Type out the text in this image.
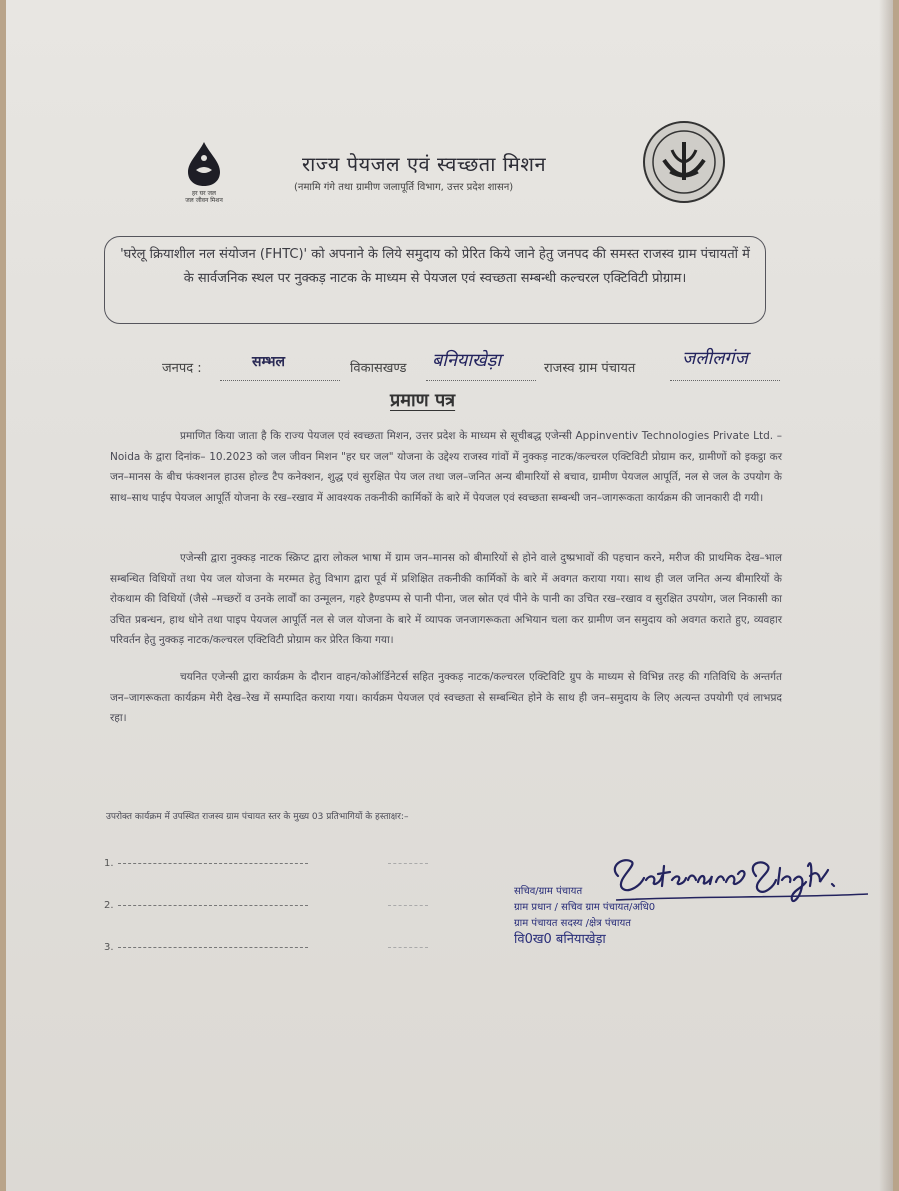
हर घर जल
जल जीवन मिशन
राज्य पेयजल एवं स्वच्छता मिशन
(नमामि गंगे तथा ग्रामीण जलापूर्ति विभाग, उत्तर प्रदेश शासन)
'घरेलू क्रियाशील नल संयोजन (FHTC)' को अपनाने के लिये समुदाय को प्रेरित किये जाने हेतु जनपद की समस्त राजस्व ग्राम पंचायतों में के सार्वजनिक स्थल पर नुक्कड़ नाटक के माध्यम से पेयजल एवं स्वच्छता सम्बन्धी कल्चरल एक्टिविटी प्रोग्राम।
जनपद :	सम्भल	विकासखण्ड बनियाखेड़ा	राजस्व ग्राम पंचायत	जलीलगंज
प्रमाण पत्र
प्रमाणित किया जाता है कि राज्य पेयजल एवं स्वच्छता मिशन, उत्तर प्रदेश के माध्यम से सूचीबद्ध एजेन्सी Appinventiv Technologies Private Ltd. – Noida के द्वारा दिनांक– 10.2023 को जल जीवन मिशन "हर घर जल" योजना के उद्देश्य राजस्व गांवों में नुक्कड़ नाटक/कल्चरल एक्टिविटी प्रोग्राम कर, ग्रामीणों को इकट्ठा कर जन–मानस के बीच फंक्शनल हाउस होल्ड टैप कनेक्शन, शुद्ध एवं सुरक्षित पेय जल तथा जल–जनित अन्य बीमारियों से बचाव, ग्रामीण पेयजल आपूर्ति, नल से जल के उपयोग के साथ–साथ पाईप पेयजल आपूर्ति योजना के रख–रखाव में आवश्यक तकनीकी कार्मिकों के बारे में पेयजल एवं स्वच्छता सम्बन्धी जन–जागरूकता कार्यक्रम की जानकारी दी गयी।
एजेन्सी द्वारा नुक्कड़ नाटक स्क्रिप्ट द्वारा लोकल भाषा में ग्राम जन–मानस को बीमारियों से होने वाले दुष्प्रभावों की पहचान करने, मरीज की प्राथमिक देख–भाल सम्बन्धित विधियों तथा पेय जल योजना के मरम्मत हेतु विभाग द्वारा पूर्व में प्रशिक्षित तकनीकी कार्मिकों के बारे में अवगत कराया गया। साथ ही जल जनित अन्य बीमारियों के रोकथाम की विधियों (जैसे –मच्छरों व उनके लार्वों का उन्मूलन, गहरे हैण्डपम्प से पानी पीना, जल स्रोत एवं पीने के पानी का उचित रख–रखाव व सुरक्षित उपयोग, जल निकासी का उचित प्रबन्धन, हाथ धोने तथा पाइप पेयजल आपूर्ति नल से जल योजना के बारे में व्यापक जनजागरूकता अभियान चला कर ग्रामीण जन समुदाय को अवगत कराते हुए, व्यवहार परिवर्तन हेतु नुक्कड़ नाटक/कल्चरल एक्टिविटी प्रोग्राम कर प्रेरित किया गया।
चयनित एजेन्सी द्वारा कार्यक्रम के दौरान वाहन/कोऑर्डिनेटर्स सहित नुक्कड़ नाटक/कल्चरल एक्टिविटि ग्रुप के माध्यम से विभिन्न तरह की गतिविधि के अन्तर्गत जन–जागरूकता कार्यक्रम मेरी देख–रेख में सम्पादित कराया गया। कार्यक्रम पेयजल एवं स्वच्छता से सम्बन्धित होने के साथ ही जन–समुदाय के लिए अत्यन्त उपयोगी एवं लाभप्रद रहा।
उपरोक्त कार्यक्रम में उपस्थित राजस्व ग्राम पंचायत स्तर के मुख्य 03 प्रतिभागियों के हस्ताक्षर:–
1.
2.
3.
सचिव/ग्राम पंचायत
ग्राम प्रधान / सचिव ग्राम पंचायत/अधि0
ग्राम पंचायत सदस्य /क्षेत्र पंचायत
वि0ख0 बनियाखेड़ा
